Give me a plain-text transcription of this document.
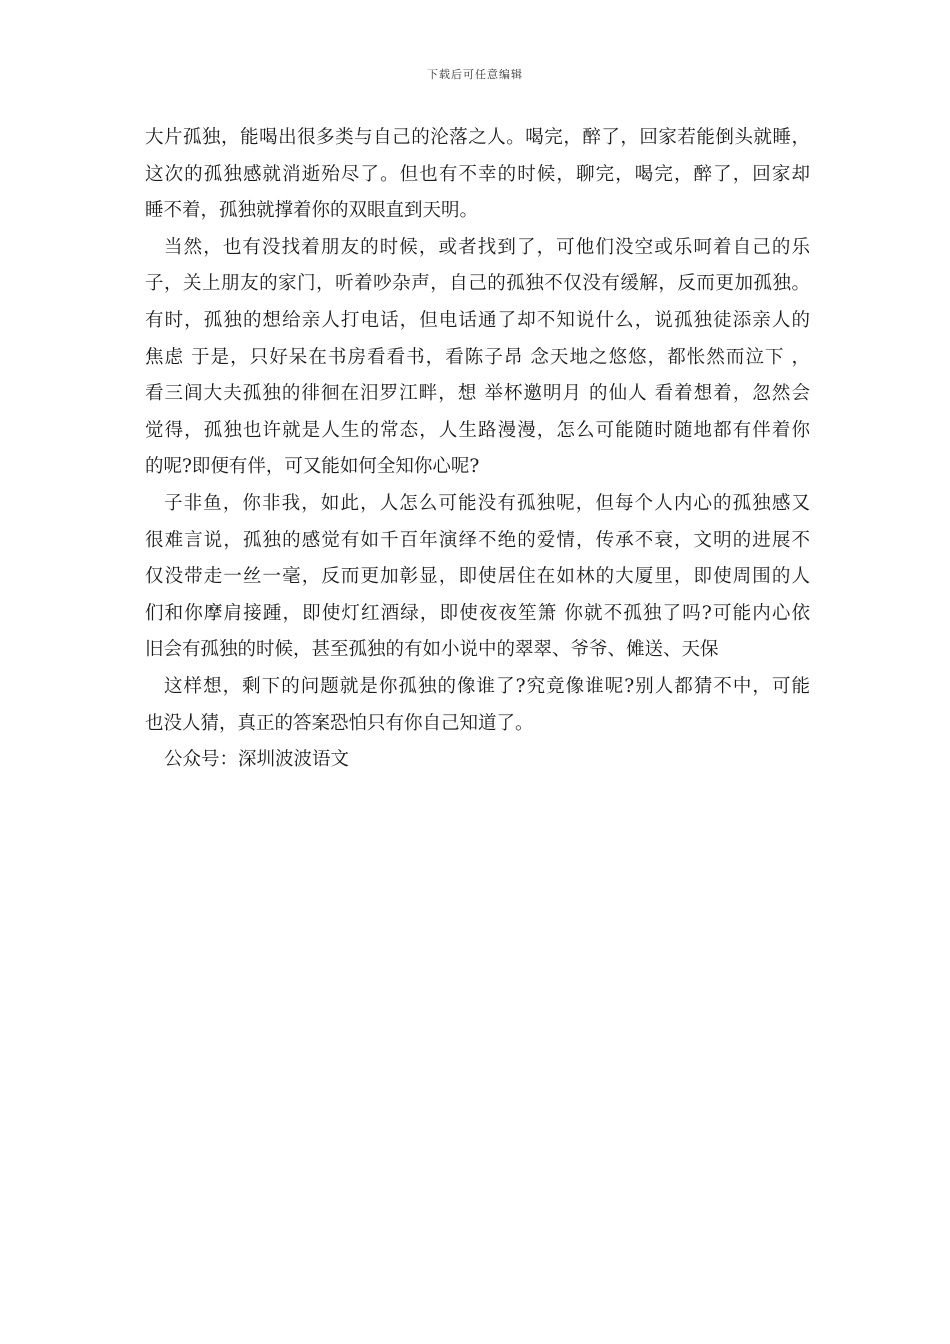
下载后可任意编辑
大片孤独，能喝出很多类与自己的沦落之人。喝完，醉了，回家若能倒头就睡，
这次的孤独感就消逝殆尽了。但也有不幸的时候，聊完，喝完，醉了，回家却
睡不着，孤独就撑着你的双眼直到天明。
当然，也有没找着朋友的时候，或者找到了，可他们没空或乐呵着自己的乐
子，关上朋友的家门，听着吵杂声，自己的孤独不仅没有缓解，反而更加孤独。
有时，孤独的想给亲人打电话，但电话通了却不知说什么，说孤独徒添亲人的
焦虑 于是，只好呆在书房看看书，看陈子昂 念天地之悠悠，都怅然而泣下 ，
看三闾大夫孤独的徘徊在汨罗江畔，想 举杯邀明月 的仙人 看着想着，忽然会
觉得，孤独也许就是人生的常态，人生路漫漫，怎么可能随时随地都有伴着你
的呢?即便有伴，可又能如何全知你心呢?
子非鱼，你非我，如此，人怎么可能没有孤独呢，但每个人内心的孤独感又
很难言说，孤独的感觉有如千百年演绎不绝的爱情，传承不衰，文明的进展不
仅没带走一丝一毫，反而更加彰显，即使居住在如林的大厦里，即使周围的人
们和你摩肩接踵，即使灯红酒绿，即使夜夜笙箫 你就不孤独了吗?可能内心依
旧会有孤独的时候，甚至孤独的有如小说中的翠翠、爷爷、傩送、天保
这样想，剩下的问题就是你孤独的像谁了?究竟像谁呢?别人都猜不中，可能
也没人猜，真正的答案恐怕只有你自己知道了。
公众号：深圳波波语文
